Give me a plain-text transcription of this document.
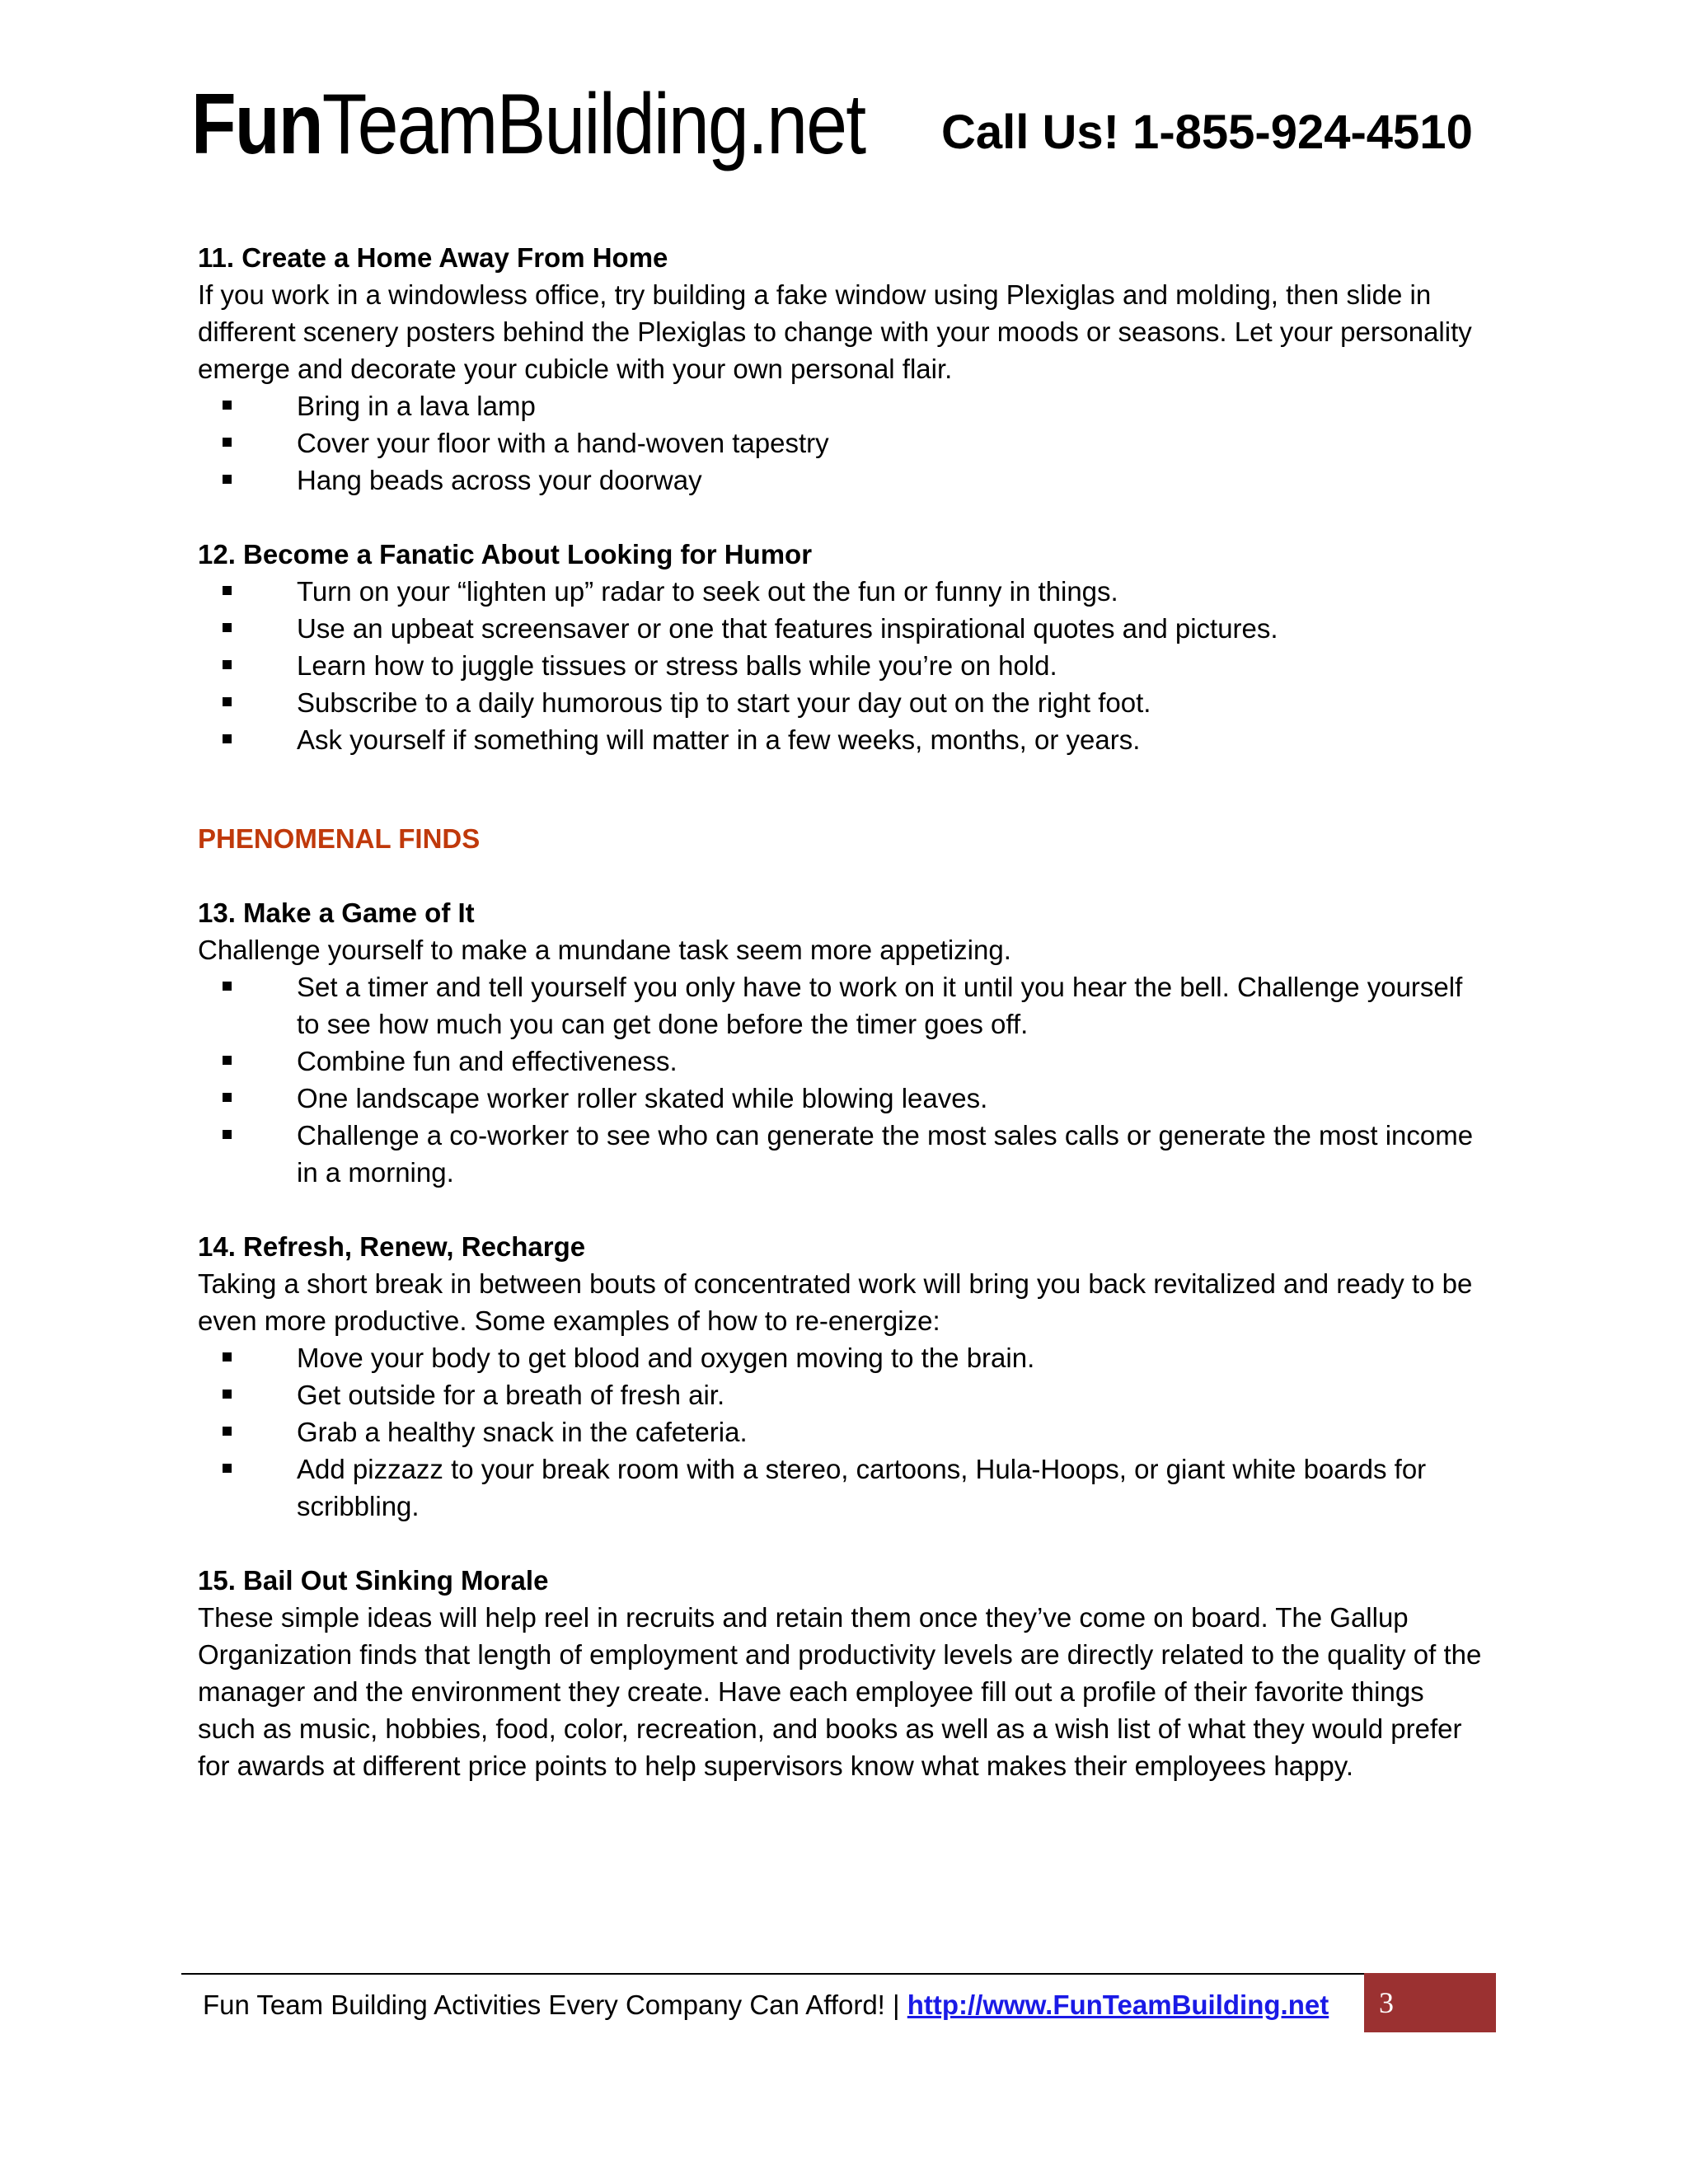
FunTeamBuilding.net Call Us! 1-855-924-4510

11. Create a Home Away From Home

If you work in a windowless office, try building a fake window using Plexiglas and molding, then slide in different scenery posters behind the Plexiglas to change with your moods or seasons. Let your personality emerge and decorate your cubicle with your own personal flair.

Bring in a lava lamp
Cover your floor with a hand-woven tapestry
Hang beads across your doorway

12. Become a Fanatic About Looking for Humor

Turn on your “lighten up” radar to seek out the fun or funny in things.
Use an upbeat screensaver or one that features inspirational quotes and pictures.
Learn how to juggle tissues or stress balls while you’re on hold.
Subscribe to a daily humorous tip to start your day out on the right foot.
Ask yourself if something will matter in a few weeks, months, or years.

PHENOMENAL FINDS

13. Make a Game of It

Challenge yourself to make a mundane task seem more appetizing.

Set a timer and tell yourself you only have to work on it until you hear the bell. Challenge yourself to see how much you can get done before the timer goes off.
Combine fun and effectiveness.
One landscape worker roller skated while blowing leaves.
Challenge a co-worker to see who can generate the most sales calls or generate the most income in a morning.

14. Refresh, Renew, Recharge

Taking a short break in between bouts of concentrated work will bring you back revitalized and ready to be even more productive. Some examples of how to re-energize:

Move your body to get blood and oxygen moving to the brain.
Get outside for a breath of fresh air.
Grab a healthy snack in the cafeteria.
Add pizzazz to your break room with a stereo, cartoons, Hula-Hoops, or giant white boards for scribbling.

15. Bail Out Sinking Morale

These simple ideas will help reel in recruits and retain them once they’ve come on board. The Gallup Organization finds that length of employment and productivity levels are directly related to the quality of the manager and the environment they create. Have each employee fill out a profile of their favorite things such as music, hobbies, food, color, recreation, and books as well as a wish list of what they would prefer for awards at different price points to help supervisors know what makes their employees happy.

Fun Team Building Activities Every Company Can Afford! | http://www.FunTeamBuilding.net 3
